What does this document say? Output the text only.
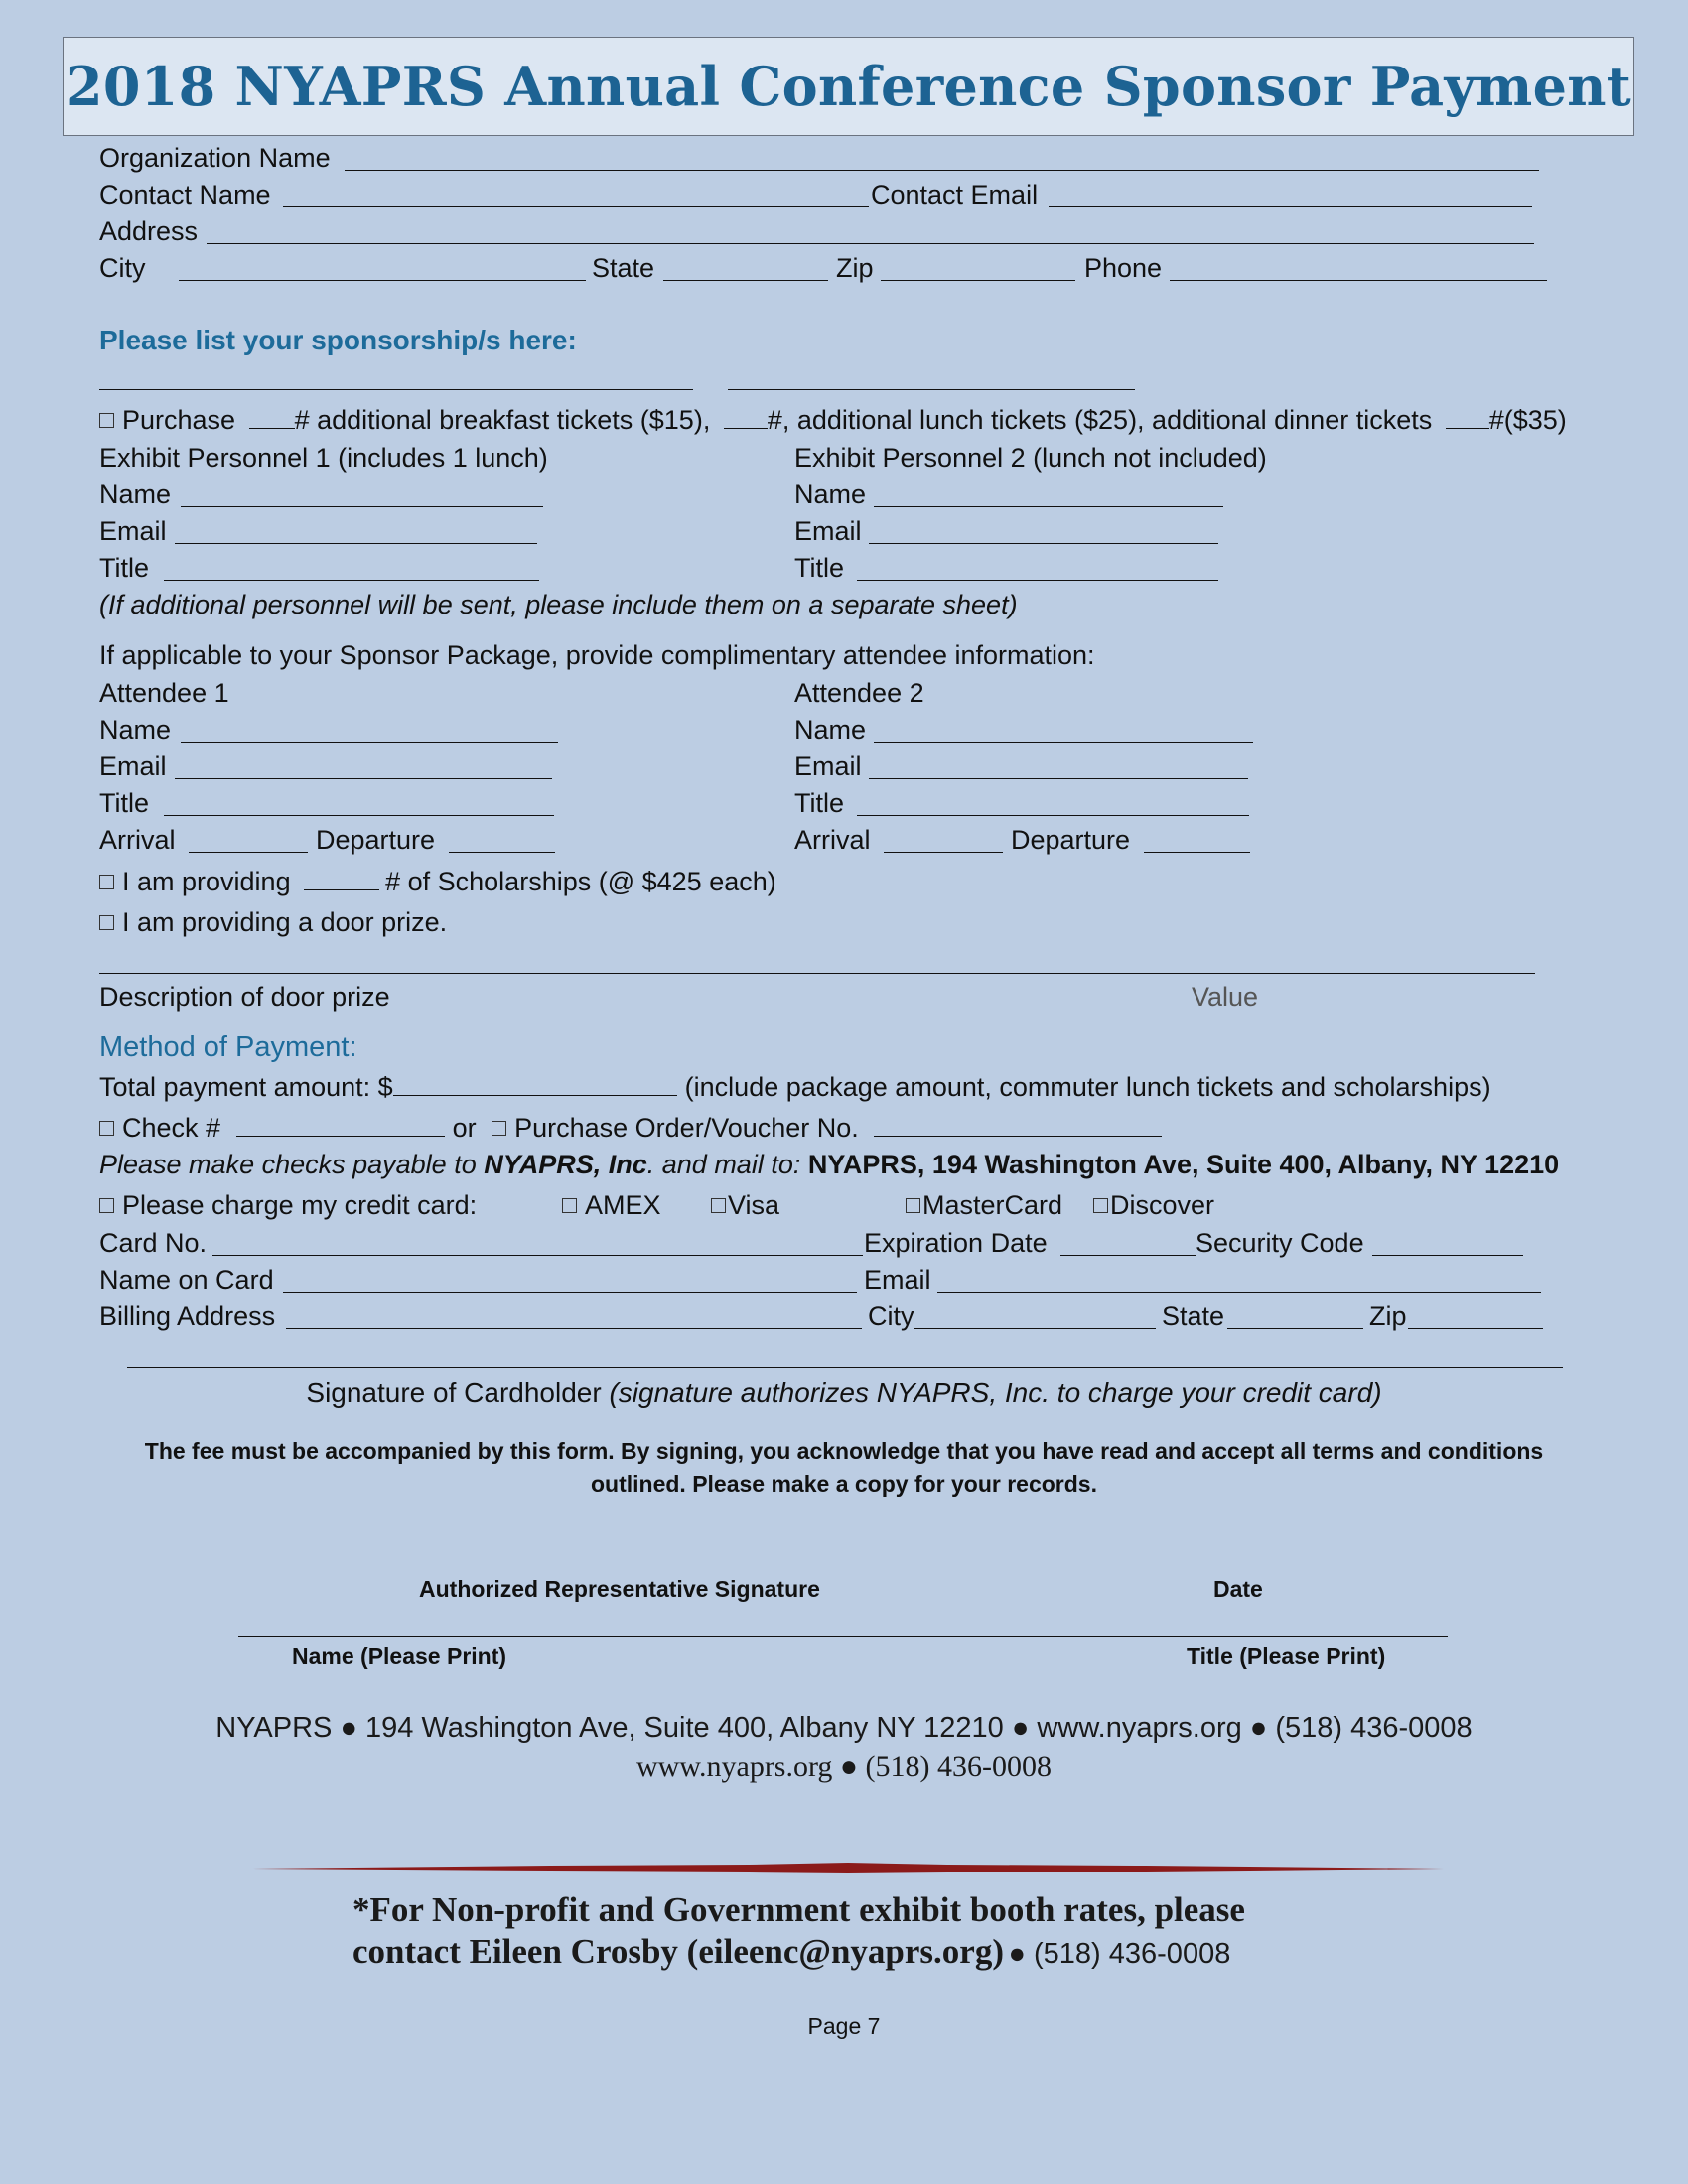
2018 NYAPRS Annual Conference Sponsor Payment
Organization Name
Contact Name	Contact Email
Address
City	State	Zip	Phone
Please list your sponsorship/s here:
Purchase # additional breakfast tickets ($15), #, additional lunch tickets ($25), additional dinner tickets #($35)
Exhibit Personnel 1 (includes 1 lunch)	Exhibit Personnel 2 (lunch not included)
Name	Name
Email	Email
Title	Title
(If additional personnel will be sent, please include them on a separate sheet)
If applicable to your Sponsor Package, provide complimentary attendee information:
Attendee 1	Attendee 2
Name	Name
Email	Email
Title	Title
Arrival	Departure	Arrival	Departure
I am providing	# of Scholarships (@ $425 each)
I am providing a door prize.
Description of door prize	Value
Method of Payment:
Total payment amount: $	(include package amount, commuter lunch tickets and scholarships)
Check #	or Purchase Order/Voucher No.
Please make checks payable to NYAPRS, Inc. and mail to: NYAPRS, 194 Washington Ave, Suite 400, Albany, NY 12210
Please charge my credit card:	AMEX	Visa	MasterCard	Discover
Card No.	Expiration Date	Security Code
Name on Card	Email
Billing Address	City	State	Zip
Signature of Cardholder (signature authorizes NYAPRS, Inc. to charge your credit card)
The fee must be accompanied by this form. By signing, you acknowledge that you have read and accept all terms and conditions
outlined. Please make a copy for your records.
Authorized Representative Signature	Date
Name (Please Print)	Title (Please Print)
NYAPRS ● 194 Washington Ave, Suite 400, Albany NY 12210 ● www.nyaprs.org ● (518) 436-0008
www.nyaprs.org ● (518) 436-0008
*For Non-profit and Government exhibit booth rates, please
contact Eileen Crosby (eileenc@nyaprs.org) ● (518) 436-0008
Page 7
